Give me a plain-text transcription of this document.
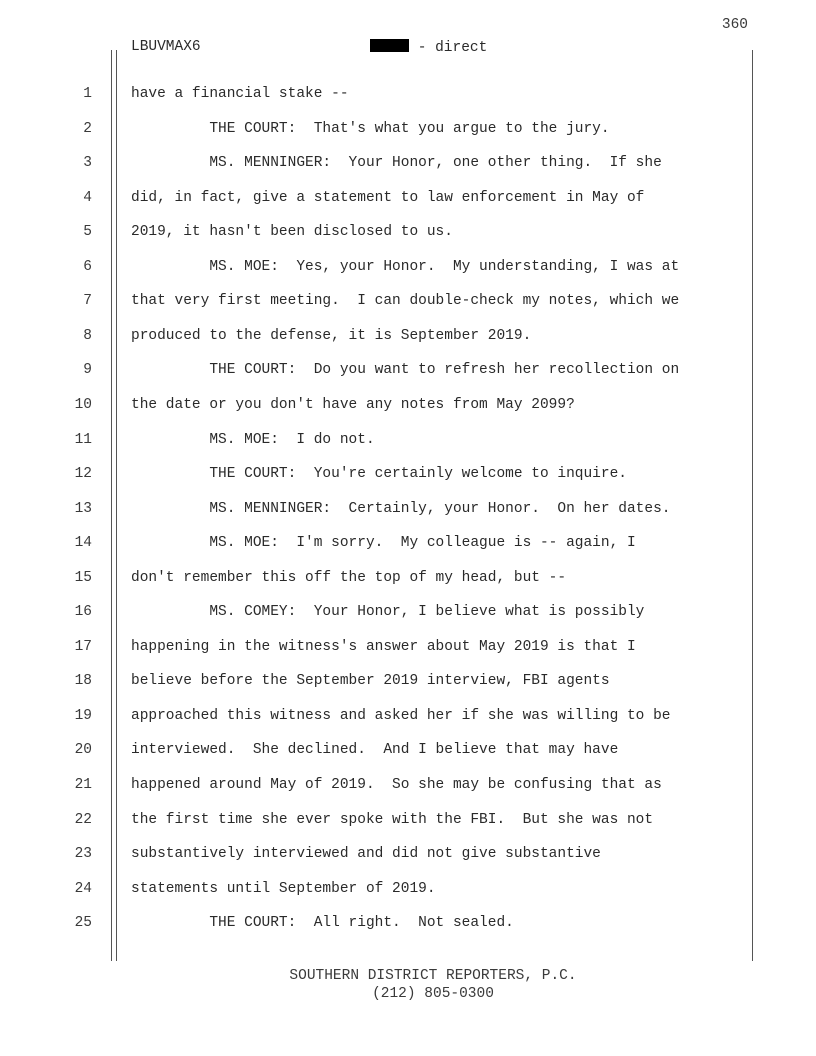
360
LBUVMAX6	- direct
1	have a financial stake --
2	THE COURT:  That's what you argue to the jury.
3	MS. MENNINGER:  Your Honor, one other thing.  If she
4	did, in fact, give a statement to law enforcement in May of
5	2019, it hasn't been disclosed to us.
6	MS. MOE:  Yes, your Honor.  My understanding, I was at
7	that very first meeting.  I can double-check my notes, which we
8	produced to the defense, it is September 2019.
9	THE COURT:  Do you want to refresh her recollection on
10	the date or you don't have any notes from May 2099?
11	MS. MOE:  I do not.
12	THE COURT:  You're certainly welcome to inquire.
13	MS. MENNINGER:  Certainly, your Honor.  On her dates.
14	MS. MOE:  I'm sorry.  My colleague is -- again, I
15	don't remember this off the top of my head, but --
16	MS. COMEY:  Your Honor, I believe what is possibly
17	happening in the witness's answer about May 2019 is that I
18	believe before the September 2019 interview, FBI agents
19	approached this witness and asked her if she was willing to be
20	interviewed.  She declined.  And I believe that may have
21	happened around May of 2019.  So she may be confusing that as
22	the first time she ever spoke with the FBI.  But she was not
23	substantively interviewed and did not give substantive
24	statements until September of 2019.
25	THE COURT:  All right.  Not sealed.
SOUTHERN DISTRICT REPORTERS, P.C.
(212) 805-0300
